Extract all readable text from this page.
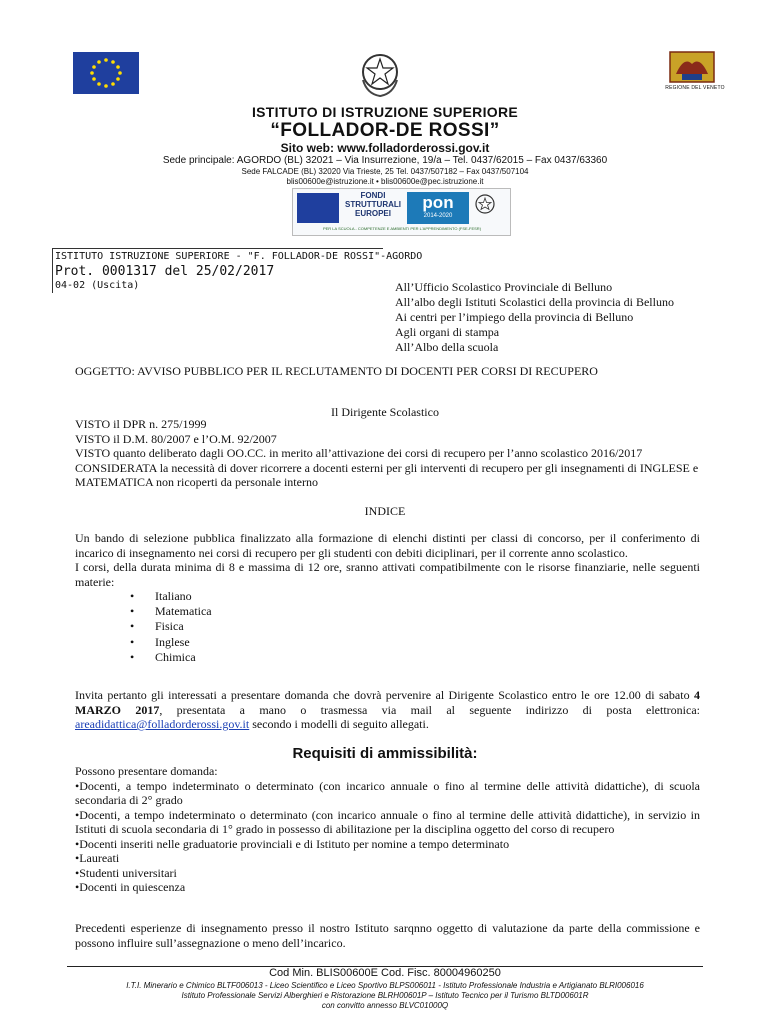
REGIONE DEL VENETO
ISTITUTO DI ISTRUZIONE SUPERIORE
“FOLLADOR-DE ROSSI”
Sito web: www.folladorderossi.gov.it
Sede principale: AGORDO (BL) 32021 – Via Insurrezione, 19/a – Tel. 0437/62015 – Fax 0437/63360
Sede FALCADE (BL) 32020 Via Trieste, 25 Tel. 0437/507182 – Fax 0437/507104
blis00600e@istruzione.it • blis00600e@pec.istruzione.it
FONDI STRUTTURALI EUROPEI
pon
2014-2020
PER LA SCUOLA - COMPETENZE E AMBIENTI PER L'APPRENDIMENTO (FSE-FESR)
ISTITUTO ISTRUZIONE SUPERIORE - "F. FOLLADOR-DE ROSSI"-AGORDO
Prot. 0001317 del 25/02/2017
04-02 (Uscita)	All’Ufficio Scolastico Provinciale di Belluno
All’albo degli Istituti Scolastici della provincia di Belluno
Ai centri per l’impiego della provincia di Belluno
Agli organi di stampa
All’Albo della scuola
OGGETTO: AVVISO PUBBLICO PER IL RECLUTAMENTO DI DOCENTI PER CORSI DI RECUPERO
Il Dirigente Scolastico
VISTO il DPR n. 275/1999
VISTO il D.M. 80/2007 e l’O.M. 92/2007
VISTO quanto deliberato dagli OO.CC. in merito all’attivazione dei corsi di recupero per l’anno scolastico 2016/2017
CONSIDERATA la necessità di dover ricorrere a docenti esterni per gli interventi di recupero per gli insegnamenti di INGLESE e MATEMATICA non ricoperti da personale interno
INDICE
Un bando di selezione pubblica finalizzato alla formazione di elenchi distinti per classi di concorso, per il conferimento di incarico di insegnamento nei corsi di recupero per gli studenti con debiti diciplinari, per il corrente anno scolastico.
I corsi, della durata minima di 8 e massima di 12 ore, sranno attivati compatibilmente con le risorse finanziarie, nelle seguenti materie:
• Italiano
• Matematica
• Fisica
• Inglese
• Chimica
Invita pertanto gli interessati a presentare domanda che dovrà pervenire al Dirigente Scolastico entro le ore 12.00 di sabato 4 MARZO 2017, presentata a mano o trasmessa via mail al seguente indirizzo di posta elettronica: areadidattica@folladorderossi.gov.it secondo i modelli di seguito allegati.
Requisiti di ammissibilità:
Possono presentare domanda:
•Docenti, a tempo indeterminato o determinato (con incarico annuale o fino al termine delle attività didattiche), di scuola secondaria di 2° grado
•Docenti, a tempo indeterminato o determinato (con incarico annuale o fino al termine delle attività didattiche), in servizio in Istituti di scuola secondaria di 1° grado in possesso di abilitazione per la disciplina oggetto del corso di recupero
•Docenti inseriti nelle graduatorie provinciali e di Istituto per nomine a tempo determinato
•Laureati
•Studenti universitari
•Docenti in quiescenza
Precedenti esperienze di insegnamento presso il nostro Istituto sarqnno oggetto di valutazione da parte della commissione e possono influire sull’assegnazione o meno dell’incarico.
Cod Min. BLIS00600E Cod. Fisc. 80004960250
I.T.I. Minerario e Chimico BLTF006013 - Liceo Scientifico e Liceo Sportivo BLPS006011 - Istituto Professionale Industria e Artigianato BLRI006016
Istituto Professionale Servizi Alberghieri e Ristorazione BLRH00601P – Istituto Tecnico per il Turismo BLTD00601R
con convitto annesso BLVC01000Q
